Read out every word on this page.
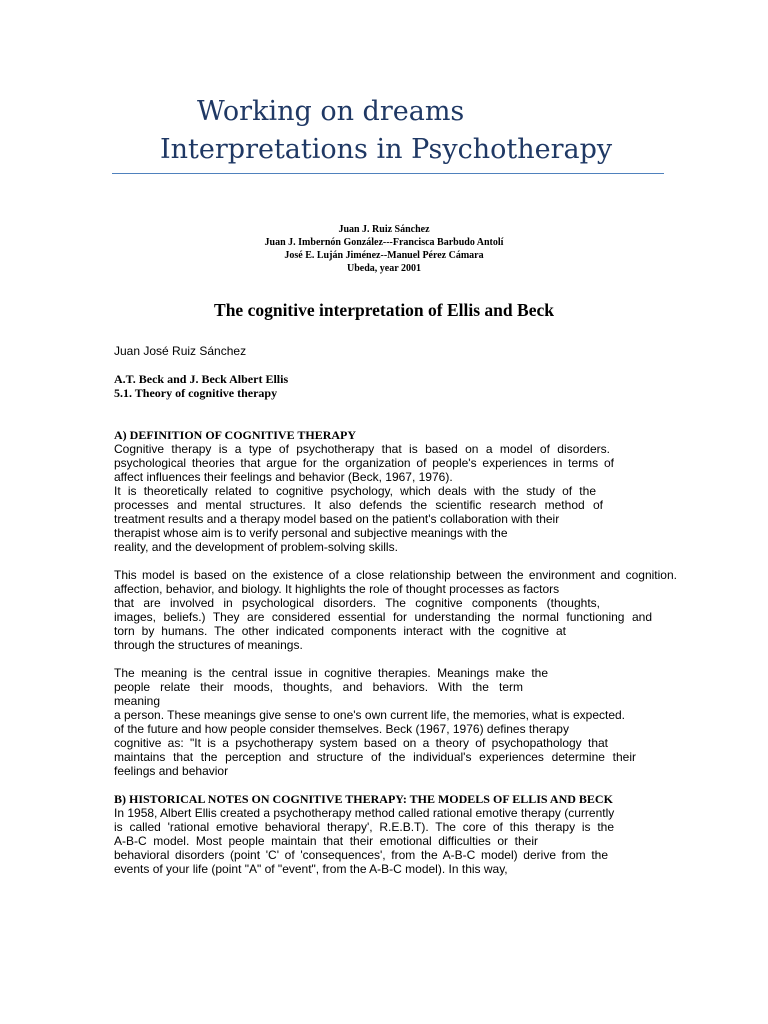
Working on dreams
Interpretations in Psychotherapy
Juan J. Ruiz Sánchez
Juan J. Imbernón González---Francisca Barbudo Antolí
José E. Luján Jiménez--Manuel Pérez Cámara
Ubeda, year 2001
The cognitive interpretation of Ellis and Beck
Juan José Ruiz Sánchez
A.T. Beck and J. Beck Albert Ellis
5.1. Theory of cognitive therapy
A) DEFINITION OF COGNITIVE THERAPY
Cognitive therapy is a type of psychotherapy that is based on a model of disorders.
psychological theories that argue for the organization of people's experiences in terms of
affect influences their feelings and behavior (Beck, 1967, 1976).
It is theoretically related to cognitive psychology, which deals with the study of the
processes and mental structures. It also defends the scientific research method of
treatment results and a therapy model based on the patient's collaboration with their
therapist whose aim is to verify personal and subjective meanings with the
reality, and the development of problem-solving skills.
This model is based on the existence of a close relationship between the environment and cognition.
affection, behavior, and biology. It highlights the role of thought processes as factors
that are involved in psychological disorders. The cognitive components (thoughts,
images, beliefs.) They are considered essential for understanding the normal functioning and
torn by humans. The other indicated components interact with the cognitive at
through the structures of meanings.
The meaning is the central issue in cognitive therapies. Meanings make the
people relate their moods, thoughts, and behaviors. With the term
meaning
a person. These meanings give sense to one's own current life, the memories, what is expected.
of the future and how people consider themselves. Beck (1967, 1976) defines therapy
cognitive as: "It is a psychotherapy system based on a theory of psychopathology that
maintains that the perception and structure of the individual's experiences determine their
feelings and behavior
B) HISTORICAL NOTES ON COGNITIVE THERAPY: THE MODELS OF ELLIS AND BECK
In 1958, Albert Ellis created a psychotherapy method called rational emotive therapy (currently
is called 'rational emotive behavioral therapy', R.E.B.T). The core of this therapy is the
A-B-C model. Most people maintain that their emotional difficulties or their
behavioral disorders (point 'C' of 'consequences', from the A-B-C model) derive from the
events of your life (point "A" of "event", from the A-B-C model). In this way,
